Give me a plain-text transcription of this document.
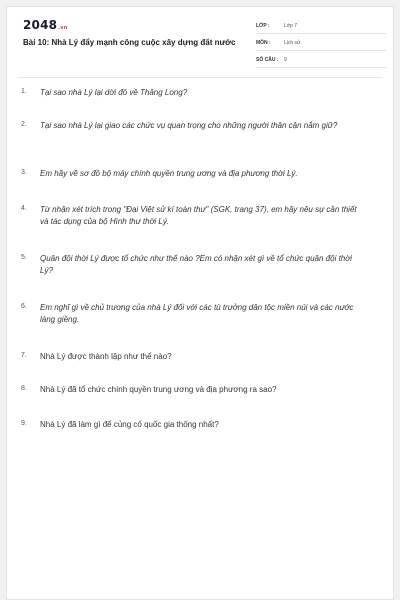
2048.vn
Bài 10: Nhà Lý đẩy mạnh công cuộc xây dựng đất nước
LỚP :	Lớp 7
MÔN :	Lịch sử
SỐ CÂU : 9
1. Tại sao nhà Lý lại dời đô về Thăng Long?
2. Tại sao nhà Lý lại giao các chức vụ quan trọng cho những người thân cận nắm giữ?
3. Em hãy vẽ sơ đồ bộ máy chính quyền trung ương và địa phương thời Lý.
4. Từ nhận xét trích trong "Đại Việt sử kí toàn thư" (SGK, trang 37), em hãy nêu sự cần thiết và tác dụng của bộ Hình thư thời Lý.
5. Quân đội thời Lý được tổ chức như thế nào ?Em có nhận xét gì về tổ chức quân đội thời Lý?
6. Em nghĩ gì về chủ trương của nhà Lý đối với các tù trưởng dân tộc miền núi và các nước láng giềng.
7. Nhà Lý được thành lập như thế nào?
8. Nhà Lý đã tổ chức chính quyền trung ương và địa phương ra sao?
9. Nhà Lý đã làm gì để củng cố quốc gia thống nhất?
